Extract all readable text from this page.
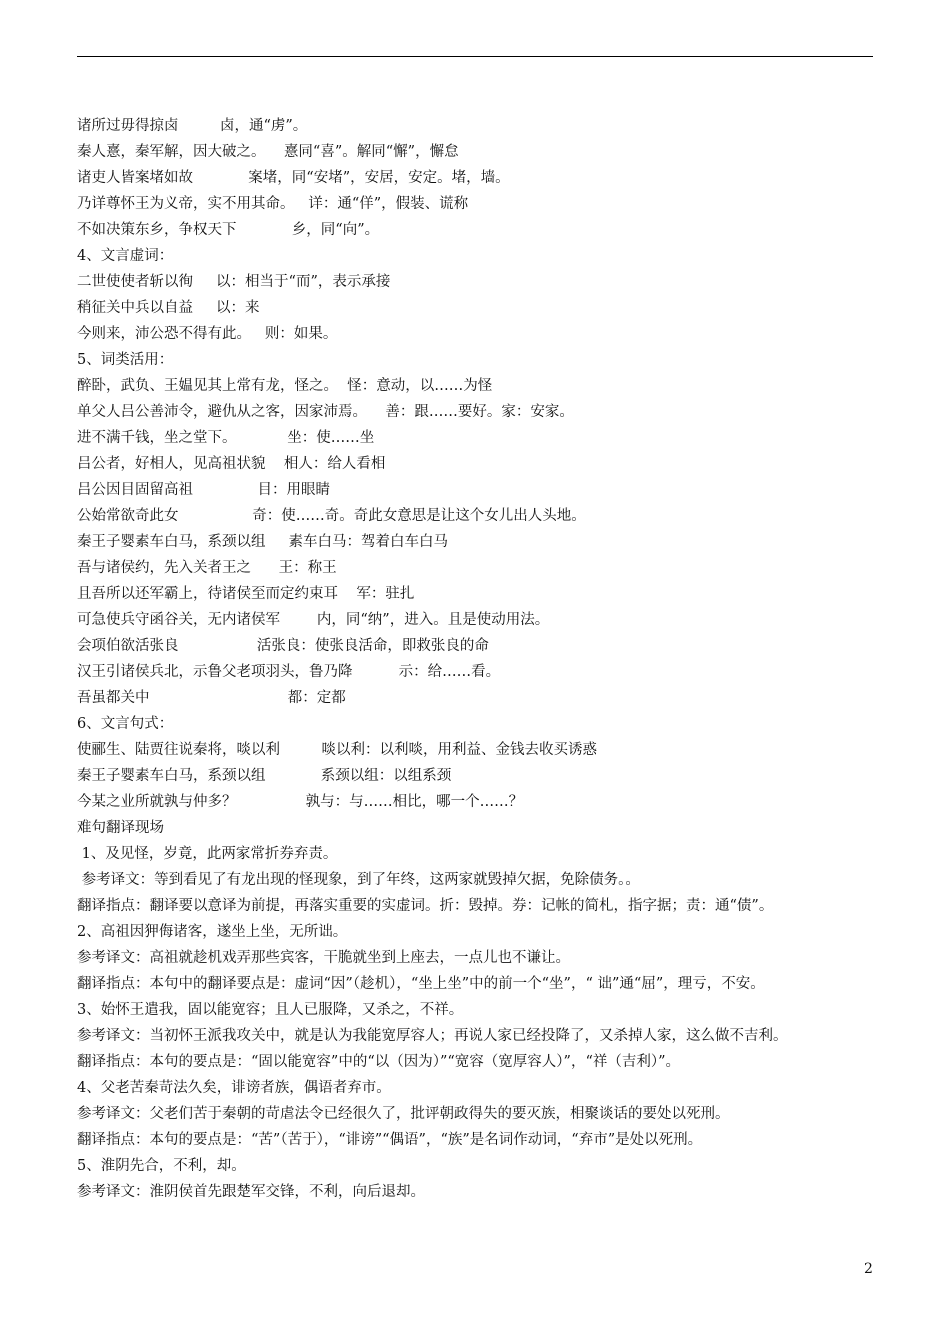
诸所过毋得掠卤         卤，通“虏”。
秦人憙，秦军解，因大破之。    憙同“喜”。解同“懈”，懈怠
诸吏人皆案堵如故            案堵，同“安堵”，安居，安定。堵，墙。
乃详尊怀王为义帝，实不用其命。   详：通“佯”，假装、谎称
不如决策东乡，争权天下            乡，同“向”。
4、文言虚词：
二世使使者斩以徇     以：相当于“而”，表示承接
稍征关中兵以自益     以：来
今则来，沛公恐不得有此。   则：如果。
5、词类活用：
醉卧，武负、王媪见其上常有龙，怪之。  怪：意动，以……为怪
单父人吕公善沛令，避仇从之客，因家沛焉。    善：跟……要好。家：安家。
进不满千钱，坐之堂下。           坐：使……坐
吕公者，好相人，见高祖状貌    相人：给人看相
吕公因目固留高祖              目：用眼睛
公始常欲奇此女                奇：使……奇。奇此女意思是让这个女儿出人头地。
秦王子婴素车白马，系颈以组     素车白马：驾着白车白马
吾与诸侯约，先入关者王之      王：称王
且吾所以还军霸上，待诸侯至而定约束耳    军：驻扎
可急使兵守函谷关，无内诸侯军        内，同“纳”，进入。且是使动用法。
会项伯欲活张良                 活张良：使张良活命，即救张良的命
汉王引诸侯兵北，示鲁父老项羽头，鲁乃降          示：给……看。
吾虽都关中                              都：定都
6、文言句式：
使郦生、陆贾往说秦将，啖以利         啖以利：以利啖，用利益、金钱去收买诱惑
秦王子婴素车白马，系颈以组            系颈以组：以组系颈
今某之业所就孰与仲多？               孰与：与……相比，哪一个……？
难句翻译现场
1、及见怪，岁竟，此两家常折券弃责。
参考译文：等到看见了有龙出现的怪现象，到了年终，这两家就毁掉欠据，免除债务。。
翻译指点：翻译要以意译为前提，再落实重要的实虚词。折：毁掉。券：记帐的简札，指字据；责：通“债”。
2、高祖因狎侮诸客，遂坐上坐，无所诎。
参考译文：高祖就趁机戏弄那些宾客，干脆就坐到上座去，一点儿也不谦让。
翻译指点：本句中的翻译要点是：虚词“因”（趁机），“坐上坐”中的前一个“坐”，“ 诎”通“屈”，理亏，不安。
3、始怀王遣我，固以能宽容；且人已服降，又杀之，不祥。
参考译文：当初怀王派我攻关中，就是认为我能宽厚容人；再说人家已经投降了，又杀掉人家，这么做不吉利。
翻译指点：本句的要点是：“固以能宽容”中的“以（因为）”“宽容（宽厚容人）”，“祥（吉利）”。
4、父老苦秦苛法久矣，诽谤者族，偶语者弃市。
参考译文：父老们苦于秦朝的苛虐法令已经很久了，批评朝政得失的要灭族，相聚谈话的要处以死刑。
翻译指点：本句的要点是：“苦”（苦于），“诽谤”“偶语”，“族”是名词作动词，“弃市”是处以死刑。
5、淮阴先合，不利，却。
参考译文：淮阴侯首先跟楚军交锋，不利，向后退却。
2
